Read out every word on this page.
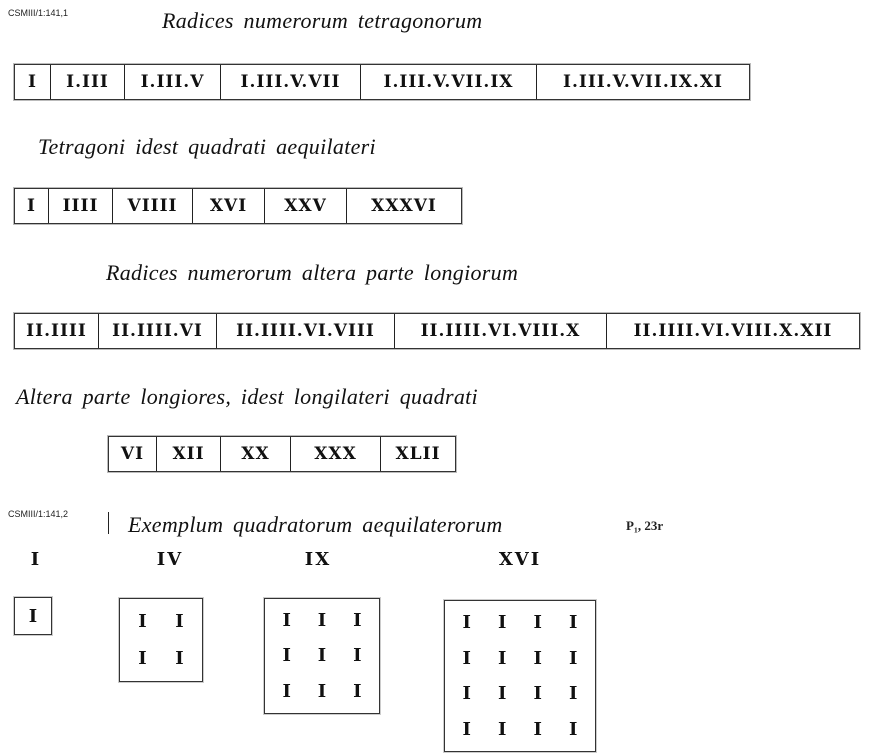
CSMIII/1:141,1	Radices numerorum tetragonorum
I	I.III	I.III.V	I.III.V.VII	I.III.V.VII.IX	I.III.V.VII.IX.XI
Tetragoni idest quadrati aequilateri
I	IIII	VIIII	XVI	XXV	XXXVI
Radices numerorum altera parte longiorum
II.IIII	II.IIII.VI	II.IIII.VI.VIII	II.IIII.VI.VIII.X	II.IIII.VI.VIII.X.XII
Altera parte longiores, idest longilateri quadrati
VI	XII	XX	XXX	XLII
CSMIII/1:141,2	Exemplum quadratorum aequilaterorum	P₁, 23r
I
I
IV
I	I
I	I
IX
I	I	I
I	I	I
I	I	I
XVI
I	I	I	I
I	I	I	I
I	I	I	I
I	I	I	I
